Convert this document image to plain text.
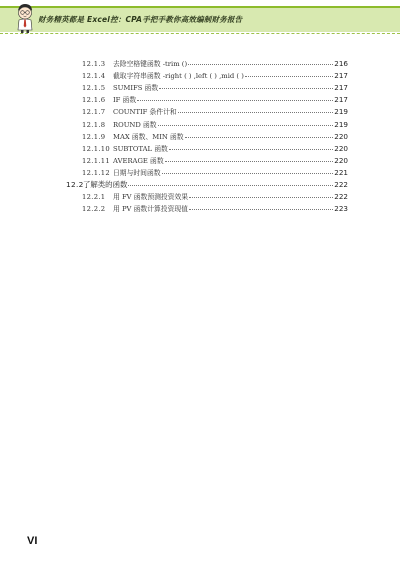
财务精英都是 Excel控：CPA手把手教你高效编制财务报告
12.1.3	去除空格键函数 -trim ()	216
12.1.4	截取字符串函数 -right ( ) ,left ( ) ,mid ( )	217
12.1.5	SUMIFS 函数	217
12.1.6	IF 函数	217
12.1.7	COUNTIF 条件计和	219
12.1.8	ROUND 函数	219
12.1.9	MAX 函数、MIN 函数	220
12.1.10 SUBTOTAL 函数	220
12.1.11 AVERAGE 函数	220
12.1.12 日期与时间函数	221
12.2 了解类的函数	222
12.2.1	用 FV 函数预测投资效果	222
12.2.2	用 PV 函数计算投资现值	223
VI
